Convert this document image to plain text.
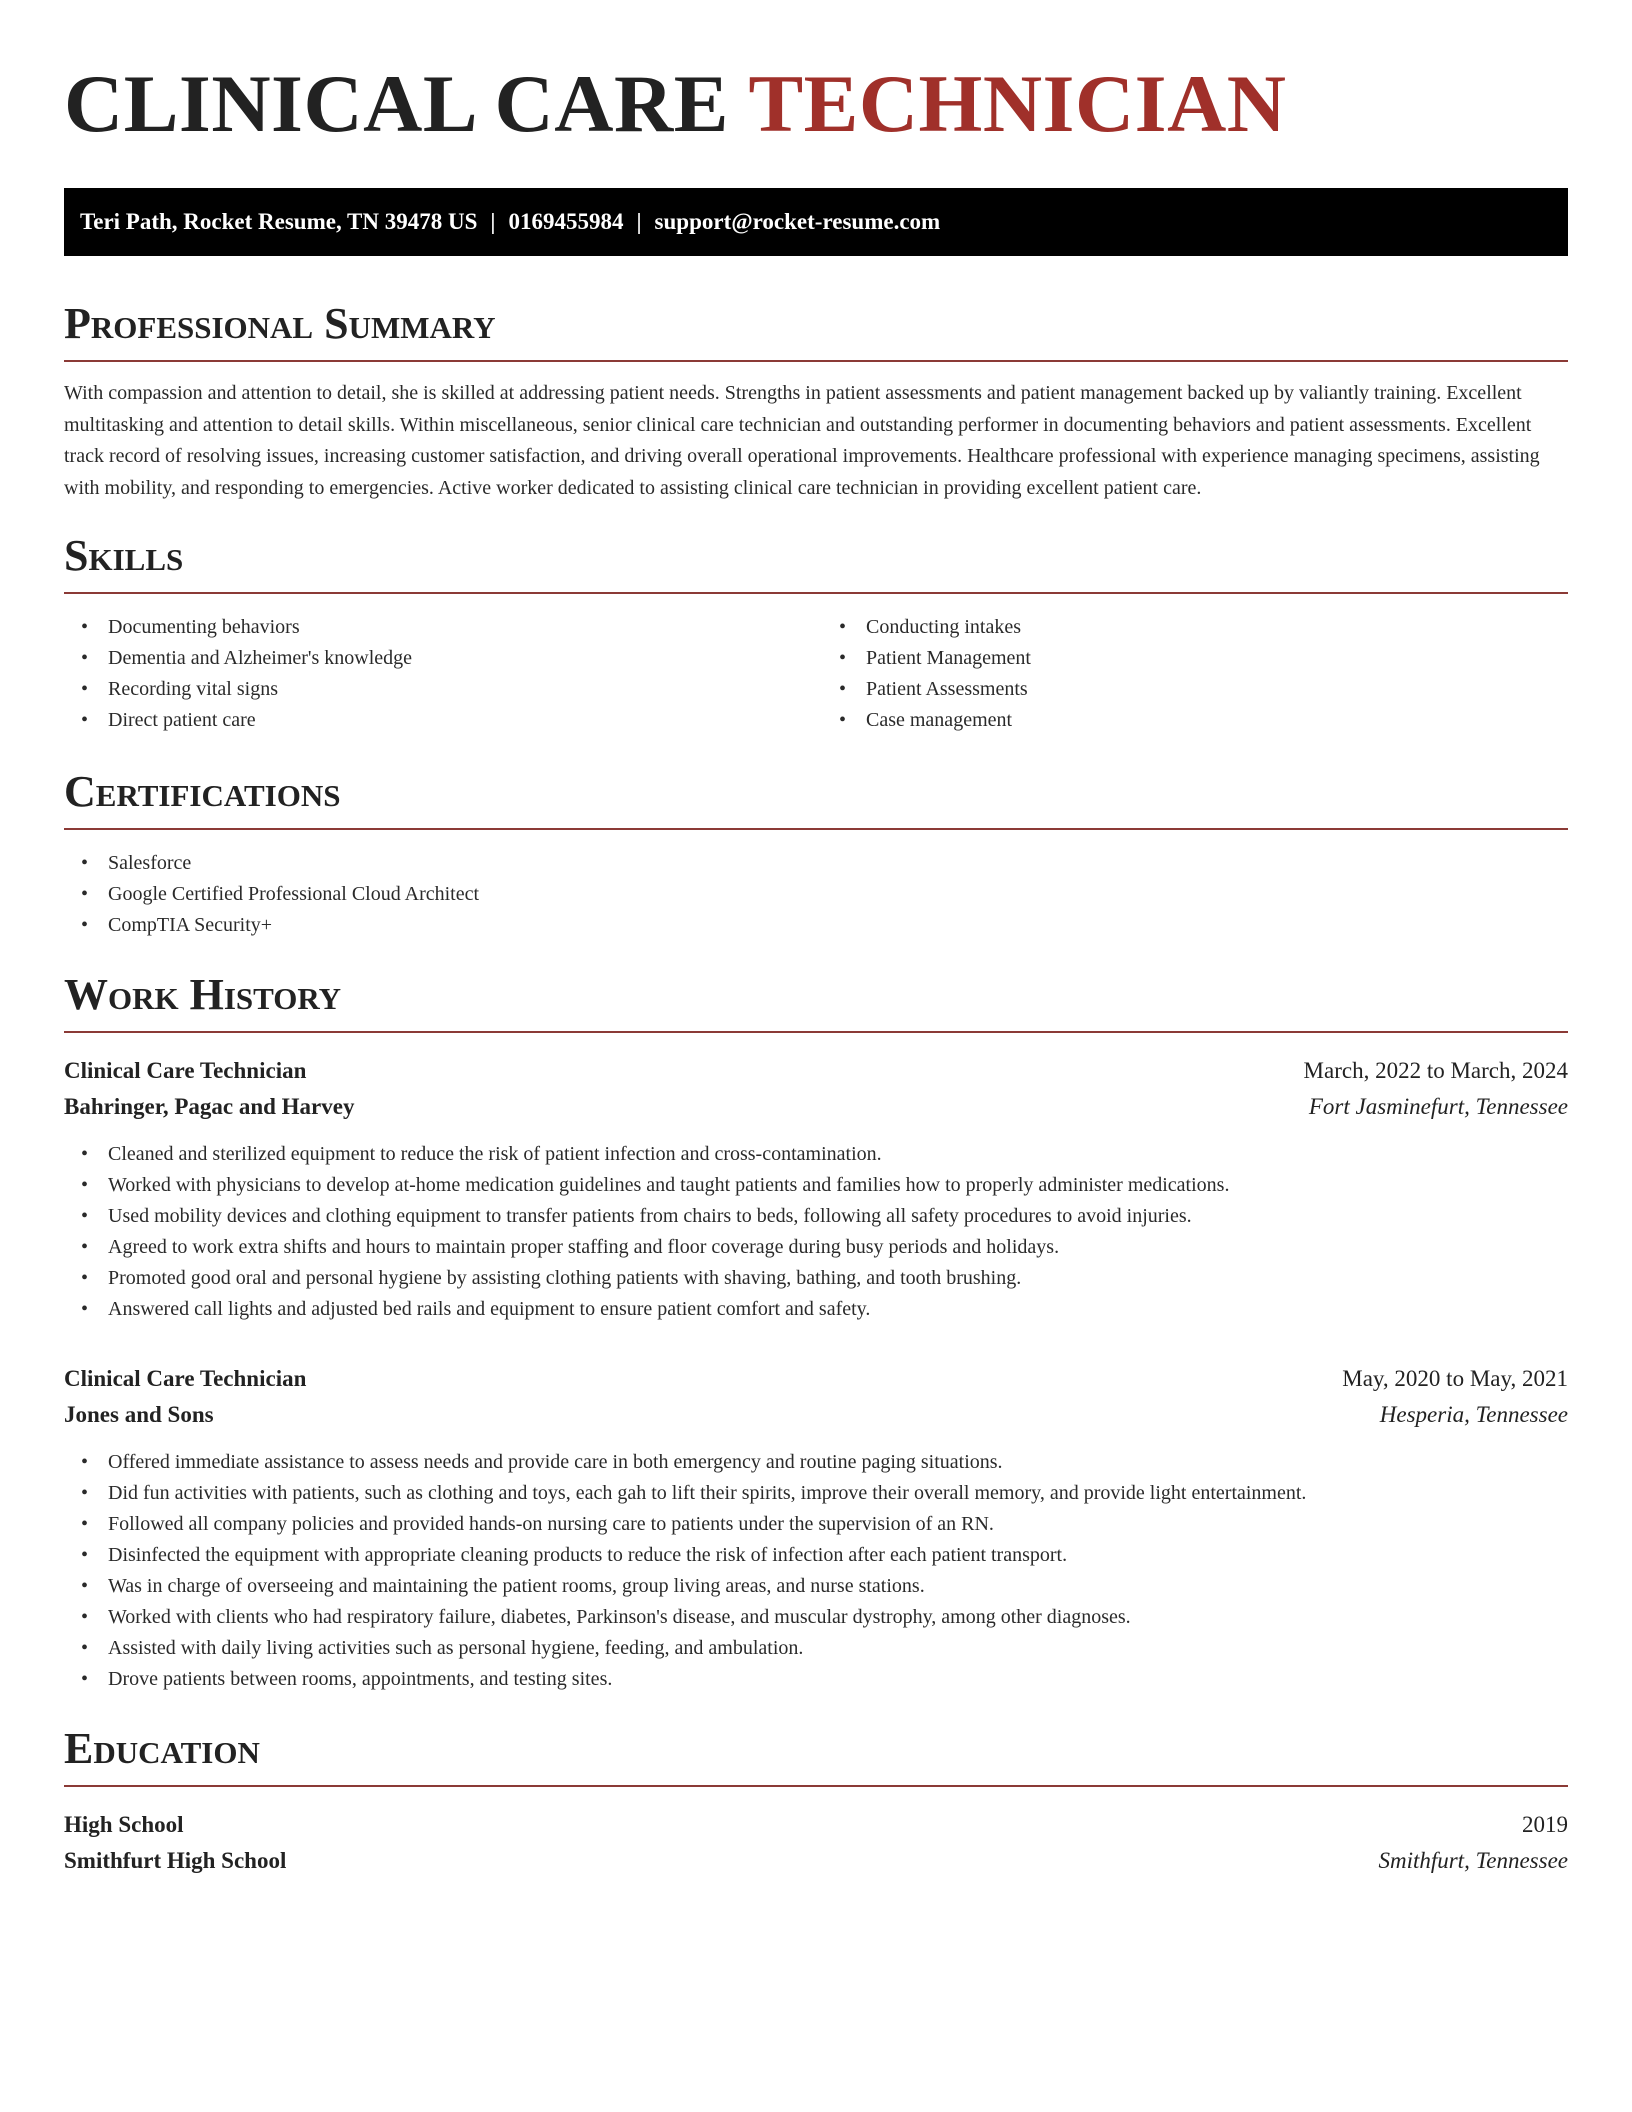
CLINICAL CARE TECHNICIAN
Teri Path, Rocket Resume, TN 39478 US | 0169455984 | support@rocket-resume.com
Professional Summary

With compassion and attention to detail, she is skilled at addressing patient needs. Strengths in patient assessments and patient management backed up by valiantly training. Excellent multitasking and attention to detail skills. Within miscellaneous, senior clinical care technician and outstanding performer in documenting behaviors and patient assessments. Excellent track record of resolving issues, increasing customer satisfaction, and driving overall operational improvements. Healthcare professional with experience managing specimens, assisting with mobility, and responding to emergencies. Active worker dedicated to assisting clinical care technician in providing excellent patient care.

Skills
• Documenting behaviors
• Dementia and Alzheimer's knowledge
• Recording vital signs
• Direct patient care
• Conducting intakes
• Patient Management
• Patient Assessments
• Case management
Certifications
• Salesforce
• Google Certified Professional Cloud Architect
• CompTIA Security+
Work History
Clinical Care Technician	March, 2022 to March, 2024
Bahringer, Pagac and Harvey	Fort Jasminefurt, Tennessee
• Cleaned and sterilized equipment to reduce the risk of patient infection and cross-contamination.
• Worked with physicians to develop at-home medication guidelines and taught patients and families how to properly administer medications.
• Used mobility devices and clothing equipment to transfer patients from chairs to beds, following all safety procedures to avoid injuries.
• Agreed to work extra shifts and hours to maintain proper staffing and floor coverage during busy periods and holidays.
• Promoted good oral and personal hygiene by assisting clothing patients with shaving, bathing, and tooth brushing.
• Answered call lights and adjusted bed rails and equipment to ensure patient comfort and safety.
Clinical Care Technician	May, 2020 to May, 2021
Jones and Sons	Hesperia, Tennessee
• Offered immediate assistance to assess needs and provide care in both emergency and routine paging situations.
• Did fun activities with patients, such as clothing and toys, each gah to lift their spirits, improve their overall memory, and provide light entertainment.
• Followed all company policies and provided hands-on nursing care to patients under the supervision of an RN.
• Disinfected the equipment with appropriate cleaning products to reduce the risk of infection after each patient transport.
• Was in charge of overseeing and maintaining the patient rooms, group living areas, and nurse stations.
• Worked with clients who had respiratory failure, diabetes, Parkinson's disease, and muscular dystrophy, among other diagnoses.
• Assisted with daily living activities such as personal hygiene, feeding, and ambulation.
• Drove patients between rooms, appointments, and testing sites.
Education
High School	2019
Smithfurt High School	Smithfurt, Tennessee
